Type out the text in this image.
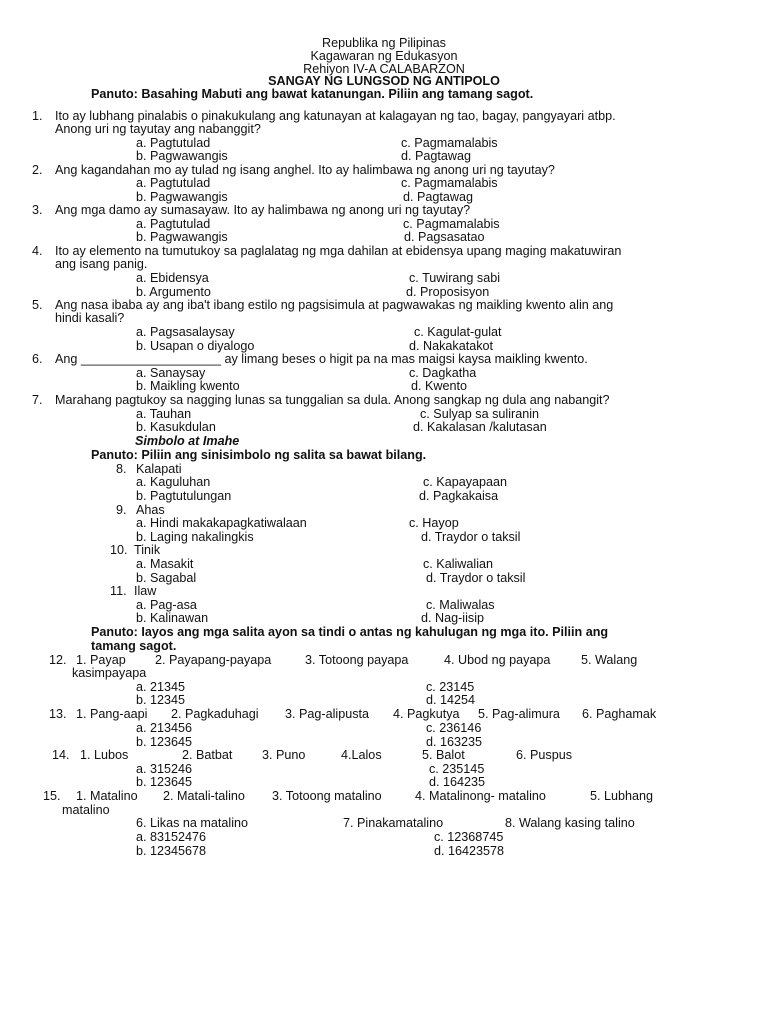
Republika ng Pilipinas
Kagawaran ng Edukasyon
Rehiyon IV-A CALABARZON
SANGAY NG LUNGSOD NG ANTIPOLO
Panuto: Basahing Mabuti ang bawat katanungan. Piliin ang tamang sagot.
1. Ito ay lubhang pinalabis o pinakukulang ang katunayan at kalagayan ng tao, bagay, pangyayari atbp.
Anong uri ng tayutay ang nabanggit?
a. Pagtutulad	c. Pagmamalabis
b. Pagwawangis	d. Pagtawag
2. Ang kagandahan mo ay tulad ng isang anghel. Ito ay halimbawa ng anong uri ng tayutay?
a. Pagtutulad	c. Pagmamalabis
b. Pagwawangis	d. Pagtawag
3. Ang mga damo ay sumasayaw. Ito ay halimbawa ng anong uri ng tayutay?
a. Pagtutulad	c. Pagmamalabis
b. Pagwawangis	d. Pagsasatao
4. Ito ay elemento na tumutukoy sa paglalatag ng mga dahilan at ebidensya upang maging makatuwiran
ang isang panig.
a. Ebidensya	c. Tuwirang sabi
b. Argumento	d. Proposisyon
5. Ang nasa ibaba ay ang iba't ibang estilo ng pagsisimula at pagwawakas ng maikling kwento alin ang
hindi kasali?
a. Pagsasalaysay	c. Kagulat-gulat
b. Usapan o diyalogo	d. Nakakatakot
6. Ang ____________________ ay limang beses o higit pa na mas maigsi kaysa maikling kwento.
a. Sanaysay	c. Dagkatha
b. Maikling kwento	d. Kwento
7. Marahang pagtukoy sa nagging lunas sa tunggalian sa dula. Anong sangkap ng dula ang nabangit?
a. Tauhan	c. Sulyap sa suliranin
b. Kasukdulan	d. Kakalasan /kalutasan
Simbolo at Imahe
Panuto: Piliin ang sinisimbolo ng salita sa bawat bilang.
8. Kalapati
a. Kaguluhan	c. Kapayapaan
b. Pagtutulungan	d. Pagkakaisa
9. Ahas
a. Hindi makakapagkatiwalaan	c. Hayop
b. Laging nakalingkis	d. Traydor o taksil
10. Tinik
a. Masakit	c. Kaliwalian
b. Sagabal	d. Traydor o taksil
11. Ilaw
a. Pag-asa	c. Maliwalas
b. Kalinawan	d. Nag-iisip
Panuto: Iayos ang mga salita ayon sa tindi o antas ng kahulugan ng mga ito. Piliin ang
tamang sagot.
12. 1. Payap 2. Payapang-payapa	3. Totoong payapa	4. Ubod ng payapa 5. Walang
kasimpayapa
a. 21345	c. 23145
b. 12345	d. 14254
13. 1. Pang-aapi 2. Pagkaduhagi 3. Pag-alipusta 4. Pagkutya 5. Pag-alimura 6. Paghamak
a. 213456	c. 236146
b. 123645	d. 163235
14. 1. Lubos	2. Batbat 3. Puno	4.Lalos	5. Balot	6. Puspus
a. 315246	c. 235145
b. 123645	d. 164235
15. 1. Matalino 2. Matali-talino 3. Totoong matalino	4. Matalinong- matalino	5. Lubhang
matalino
6. Likas na matalino	7. Pinakamatalino	8. Walang kasing talino
a. 83152476	c. 12368745
b. 12345678	d. 16423578
